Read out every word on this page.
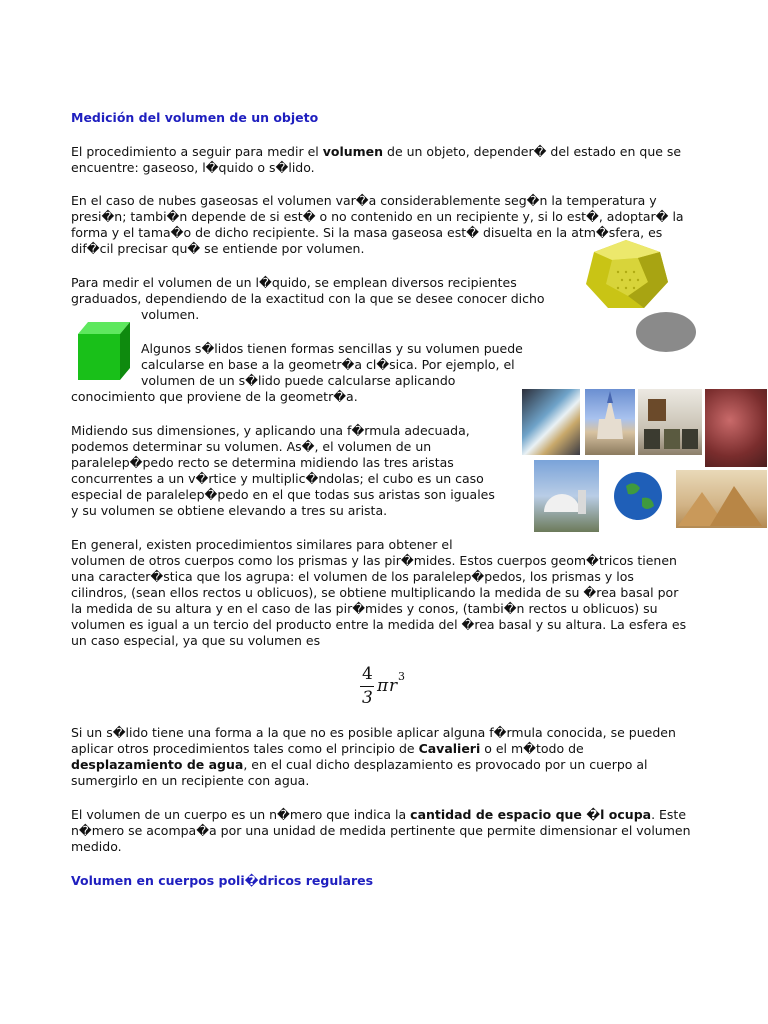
Medición del volumen de un objeto

El procedimiento a seguir para medir el volumen de un objeto, depender� del estado en que se

encuentre: gaseoso, l�quido o s�lido.

En el caso de nubes gaseosas el volumen var�a considerablemente seg�n la temperatura y

presi�n; tambi�n depende de si est� o no contenido en un recipiente y, si lo est�, adoptar� la

forma y el tama�o de dicho recipiente. Si la masa gaseosa est� disuelta en la atm�sfera, es

dif�cil precisar qu� se entiende por volumen.

Para medir el volumen de un l�quido, se emplean diversos recipientes

graduados, dependiendo de la exactitud con la que se desee conocer dicho

volumen.

Algunos s�lidos tienen formas sencillas y su volumen puede

calcularse en base a la geometr�a cl�sica. Por ejemplo, el

volumen de un s�lido puede calcularse aplicando

conocimiento que proviene de la geometr�a.

Midiendo sus dimensiones, y aplicando una f�rmula adecuada,

podemos determinar su volumen. As�, el volumen de un

paralelep�pedo recto se determina midiendo las tres aristas

concurrentes a un v�rtice y multiplic�ndolas; el cubo es un caso

especial de paralelep�pedo en el que todas sus aristas son iguales

y su volumen se obtiene elevando a tres su arista.

En general, existen procedimientos similares para obtener el

volumen de otros cuerpos como los prismas y las pir�mides. Estos cuerpos geom�tricos tienen

una caracter�stica que los agrupa: el volumen de los paralelep�pedos, los prismas y los

cilindros, (sean ellos rectos u oblicuos), se obtiene multiplicando la medida de su �rea basal por

la medida de su altura y en el caso de las pir�mides y conos, (tambi�n rectos u oblicuos) su

volumen es igual a un tercio del producto entre la medida del �rea basal y su altura. La esfera es

un caso especial, ya que su volumen es

4
3
π r 3

Si un s�lido tiene una forma a la que no es posible aplicar alguna f�rmula conocida, se pueden

aplicar otros procedimientos tales como el principio de Cavalieri o el m�todo de

desplazamiento de agua, en el cual dicho desplazamiento es provocado por un cuerpo al

sumergirlo en un recipiente con agua.

El volumen de un cuerpo es un n�mero que indica la cantidad de espacio que �l ocupa. Este

n�mero se acompa�a por una unidad de medida pertinente que permite dimensionar el volumen

medido.

Volumen en cuerpos poli�dricos regulares
